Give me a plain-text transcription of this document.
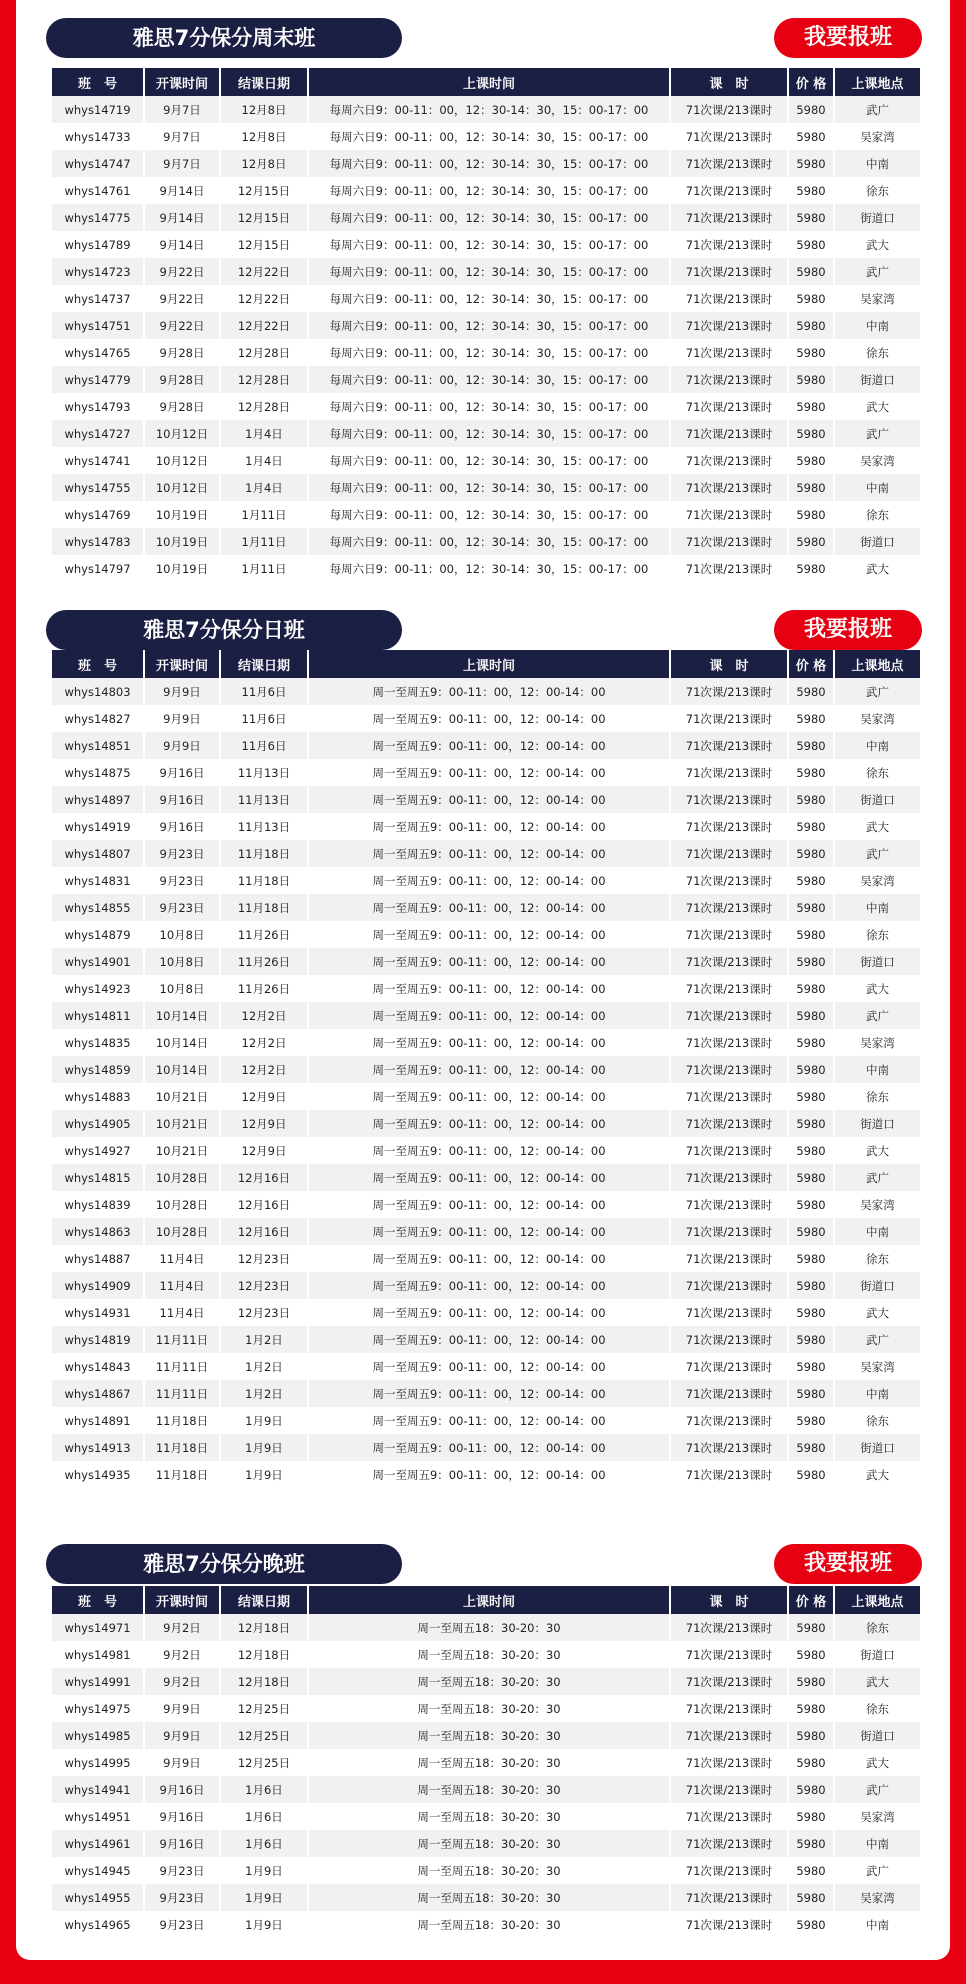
雅思7分保分周末班	我要报班
班　号	开课时间	结课日期	上课时间	课　时	价 格	上课地点
whys14719	9月7日	12月8日	每周六日9：00-11：00，12：30-14：30，15：00-17：00	71次课/213课时	5980	武广
whys14733	9月7日	12月8日	每周六日9：00-11：00，12：30-14：30，15：00-17：00	71次课/213课时	5980	吴家湾
whys14747	9月7日	12月8日	每周六日9：00-11：00，12：30-14：30，15：00-17：00	71次课/213课时	5980	中南
whys14761	9月14日	12月15日	每周六日9：00-11：00，12：30-14：30，15：00-17：00	71次课/213课时	5980	徐东
whys14775	9月14日	12月15日	每周六日9：00-11：00，12：30-14：30，15：00-17：00	71次课/213课时	5980	街道口
whys14789	9月14日	12月15日	每周六日9：00-11：00，12：30-14：30，15：00-17：00	71次课/213课时	5980	武大
whys14723	9月22日	12月22日	每周六日9：00-11：00，12：30-14：30，15：00-17：00	71次课/213课时	5980	武广
whys14737	9月22日	12月22日	每周六日9：00-11：00，12：30-14：30，15：00-17：00	71次课/213课时	5980	吴家湾
whys14751	9月22日	12月22日	每周六日9：00-11：00，12：30-14：30，15：00-17：00	71次课/213课时	5980	中南
whys14765	9月28日	12月28日	每周六日9：00-11：00，12：30-14：30，15：00-17：00	71次课/213课时	5980	徐东
whys14779	9月28日	12月28日	每周六日9：00-11：00，12：30-14：30，15：00-17：00	71次课/213课时	5980	街道口
whys14793	9月28日	12月28日	每周六日9：00-11：00，12：30-14：30，15：00-17：00	71次课/213课时	5980	武大
whys14727	10月12日	1月4日	每周六日9：00-11：00，12：30-14：30，15：00-17：00	71次课/213课时	5980	武广
whys14741	10月12日	1月4日	每周六日9：00-11：00，12：30-14：30，15：00-17：00	71次课/213课时	5980	吴家湾
whys14755	10月12日	1月4日	每周六日9：00-11：00，12：30-14：30，15：00-17：00	71次课/213课时	5980	中南
whys14769	10月19日	1月11日	每周六日9：00-11：00，12：30-14：30，15：00-17：00	71次课/213课时	5980	徐东
whys14783	10月19日	1月11日	每周六日9：00-11：00，12：30-14：30，15：00-17：00	71次课/213课时	5980	街道口
whys14797	10月19日	1月11日	每周六日9：00-11：00，12：30-14：30，15：00-17：00	71次课/213课时	5980	武大
雅思7分保分日班	我要报班
班　号	开课时间	结课日期	上课时间	课　时	价 格	上课地点
whys14803	9月9日	11月6日	周一至周五9：00-11：00，12：00-14：00	71次课/213课时	5980	武广
whys14827	9月9日	11月6日	周一至周五9：00-11：00，12：00-14：00	71次课/213课时	5980	吴家湾
whys14851	9月9日	11月6日	周一至周五9：00-11：00，12：00-14：00	71次课/213课时	5980	中南
whys14875	9月16日	11月13日	周一至周五9：00-11：00，12：00-14：00	71次课/213课时	5980	徐东
whys14897	9月16日	11月13日	周一至周五9：00-11：00，12：00-14：00	71次课/213课时	5980	街道口
whys14919	9月16日	11月13日	周一至周五9：00-11：00，12：00-14：00	71次课/213课时	5980	武大
whys14807	9月23日	11月18日	周一至周五9：00-11：00，12：00-14：00	71次课/213课时	5980	武广
whys14831	9月23日	11月18日	周一至周五9：00-11：00，12：00-14：00	71次课/213课时	5980	吴家湾
whys14855	9月23日	11月18日	周一至周五9：00-11：00，12：00-14：00	71次课/213课时	5980	中南
whys14879	10月8日	11月26日	周一至周五9：00-11：00，12：00-14：00	71次课/213课时	5980	徐东
whys14901	10月8日	11月26日	周一至周五9：00-11：00，12：00-14：00	71次课/213课时	5980	街道口
whys14923	10月8日	11月26日	周一至周五9：00-11：00，12：00-14：00	71次课/213课时	5980	武大
whys14811	10月14日	12月2日	周一至周五9：00-11：00，12：00-14：00	71次课/213课时	5980	武广
whys14835	10月14日	12月2日	周一至周五9：00-11：00，12：00-14：00	71次课/213课时	5980	吴家湾
whys14859	10月14日	12月2日	周一至周五9：00-11：00，12：00-14：00	71次课/213课时	5980	中南
whys14883	10月21日	12月9日	周一至周五9：00-11：00，12：00-14：00	71次课/213课时	5980	徐东
whys14905	10月21日	12月9日	周一至周五9：00-11：00，12：00-14：00	71次课/213课时	5980	街道口
whys14927	10月21日	12月9日	周一至周五9：00-11：00，12：00-14：00	71次课/213课时	5980	武大
whys14815	10月28日	12月16日	周一至周五9：00-11：00，12：00-14：00	71次课/213课时	5980	武广
whys14839	10月28日	12月16日	周一至周五9：00-11：00，12：00-14：00	71次课/213课时	5980	吴家湾
whys14863	10月28日	12月16日	周一至周五9：00-11：00，12：00-14：00	71次课/213课时	5980	中南
whys14887	11月4日	12月23日	周一至周五9：00-11：00，12：00-14：00	71次课/213课时	5980	徐东
whys14909	11月4日	12月23日	周一至周五9：00-11：00，12：00-14：00	71次课/213课时	5980	街道口
whys14931	11月4日	12月23日	周一至周五9：00-11：00，12：00-14：00	71次课/213课时	5980	武大
whys14819	11月11日	1月2日	周一至周五9：00-11：00，12：00-14：00	71次课/213课时	5980	武广
whys14843	11月11日	1月2日	周一至周五9：00-11：00，12：00-14：00	71次课/213课时	5980	吴家湾
whys14867	11月11日	1月2日	周一至周五9：00-11：00，12：00-14：00	71次课/213课时	5980	中南
whys14891	11月18日	1月9日	周一至周五9：00-11：00，12：00-14：00	71次课/213课时	5980	徐东
whys14913	11月18日	1月9日	周一至周五9：00-11：00，12：00-14：00	71次课/213课时	5980	街道口
whys14935	11月18日	1月9日	周一至周五9：00-11：00，12：00-14：00	71次课/213课时	5980	武大
雅思7分保分晚班	我要报班
班　号	开课时间	结课日期	上课时间	课　时	价 格	上课地点
whys14971	9月2日	12月18日	周一至周五18：30-20：30	71次课/213课时	5980	徐东
whys14981	9月2日	12月18日	周一至周五18：30-20：30	71次课/213课时	5980	街道口
whys14991	9月2日	12月18日	周一至周五18：30-20：30	71次课/213课时	5980	武大
whys14975	9月9日	12月25日	周一至周五18：30-20：30	71次课/213课时	5980	徐东
whys14985	9月9日	12月25日	周一至周五18：30-20：30	71次课/213课时	5980	街道口
whys14995	9月9日	12月25日	周一至周五18：30-20：30	71次课/213课时	5980	武大
whys14941	9月16日	1月6日	周一至周五18：30-20：30	71次课/213课时	5980	武广
whys14951	9月16日	1月6日	周一至周五18：30-20：30	71次课/213课时	5980	吴家湾
whys14961	9月16日	1月6日	周一至周五18：30-20：30	71次课/213课时	5980	中南
whys14945	9月23日	1月9日	周一至周五18：30-20：30	71次课/213课时	5980	武广
whys14955	9月23日	1月9日	周一至周五18：30-20：30	71次课/213课时	5980	吴家湾
whys14965	9月23日	1月9日	周一至周五18：30-20：30	71次课/213课时	5980	中南
